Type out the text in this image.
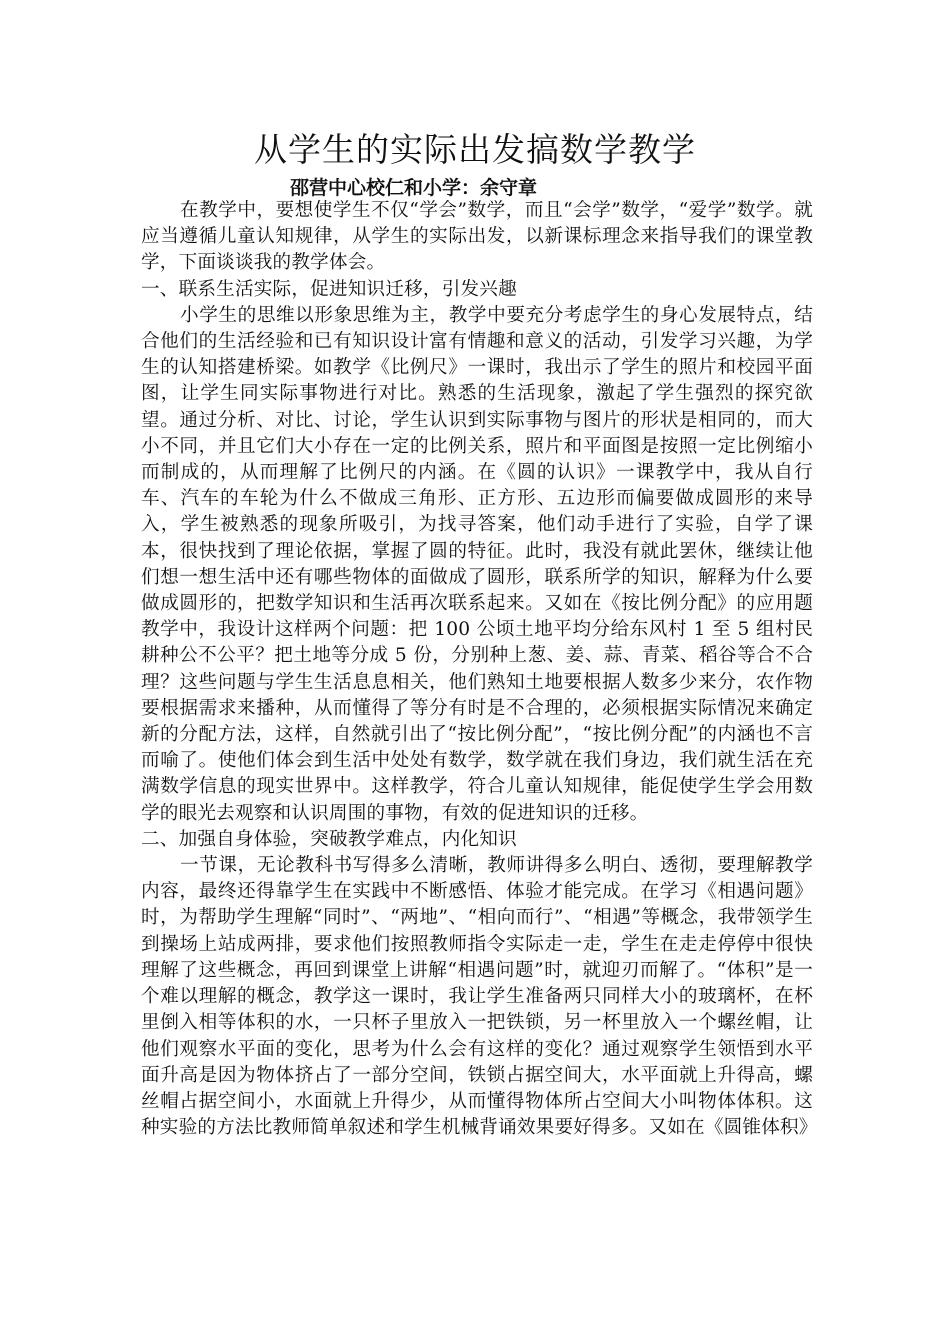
从学生的实际出发搞数学教学
邵营中心校仁和小学：余守章

在教学中，要想使学生不仅“学会”数学，而且“会学”数学，“爱学”数学。就应当遵循儿童认知规律，从学生的实际出发，以新课标理念来指导我们的课堂教学，下面谈谈我的教学体会。

一、联系生活实际，促进知识迁移，引发兴趣

小学生的思维以形象思维为主，教学中要充分考虑学生的身心发展特点，结合他们的生活经验和已有知识设计富有情趣和意义的活动，引发学习兴趣，为学生的认知搭建桥梁。如教学《比例尺》一课时，我出示了学生的照片和校园平面图，让学生同实际事物进行对比。熟悉的生活现象，激起了学生强烈的探究欲望。通过分析、对比、讨论，学生认识到实际事物与图片的形状是相同的，而大小不同，并且它们大小存在一定的比例关系，照片和平面图是按照一定比例缩小而制成的，从而理解了比例尺的内涵。在《圆的认识》一课教学中，我从自行车、汽车的车轮为什么不做成三角形、正方形、五边形而偏要做成圆形的来导入，学生被熟悉的现象所吸引，为找寻答案，他们动手进行了实验，自学了课本，很快找到了理论依据，掌握了圆的特征。此时，我没有就此罢休，继续让他们想一想生活中还有哪些物体的面做成了圆形，联系所学的知识，解释为什么要做成圆形的，把数学知识和生活再次联系起来。又如在《按比例分配》的应用题教学中，我设计这样两个问题：把 100 公顷土地平均分给东风村 1 至 5 组村民耕种公不公平？把土地等分成 5 份，分别种上葱、姜、蒜、青菜、稻谷等合不合理？这些问题与学生生活息息相关，他们熟知土地要根据人数多少来分，农作物要根据需求来播种，从而懂得了等分有时是不合理的，必须根据实际情况来确定新的分配方法，这样，自然就引出了“按比例分配”，“按比例分配”的内涵也不言而喻了。使他们体会到生活中处处有数学，数学就在我们身边，我们就生活在充满数学信息的现实世界中。这样教学，符合儿童认知规律，能促使学生学会用数学的眼光去观察和认识周围的事物，有效的促进知识的迁移。

二、加强自身体验，突破教学难点，内化知识

一节课，无论教科书写得多么清晰，教师讲得多么明白、透彻，要理解教学内容，最终还得靠学生在实践中不断感悟、体验才能完成。在学习《相遇问题》时，为帮助学生理解“同时”、“两地”、“相向而行”、“相遇”等概念，我带领学生到操场上站成两排，要求他们按照教师指令实际走一走，学生在走走停停中很快理解了这些概念，再回到课堂上讲解“相遇问题”时，就迎刃而解了。“体积”是一个难以理解的概念，教学这一课时，我让学生准备两只同样大小的玻璃杯，在杯里倒入相等体积的水，一只杯子里放入一把铁锁，另一杯里放入一个螺丝帽，让他们观察水平面的变化，思考为什么会有这样的变化？通过观察学生领悟到水平面升高是因为物体挤占了一部分空间，铁锁占据空间大，水平面就上升得高，螺丝帽占据空间小，水面就上升得少，从而懂得物体所占空间大小叫物体体积。这种实验的方法比教师简单叙述和学生机械背诵效果要好得多。又如在《圆锥体积》
